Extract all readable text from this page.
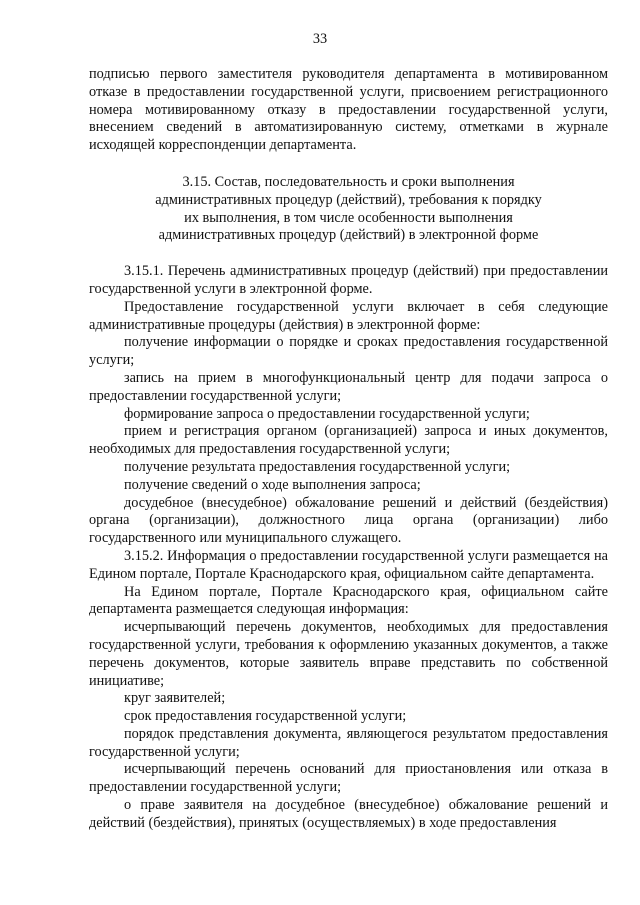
33

подписью первого заместителя руководителя департамента в мотивированном отказе в предоставлении государственной услуги, присвоением регистрационного номера мотивированному отказу в предоставлении государственной услуги, внесением сведений в автоматизированную систему, отметками в журнале исходящей корреспонденции департамента.

3.15. Состав, последовательность и сроки выполнения
административных процедур (действий), требования к порядку
их выполнения, в том числе особенности выполнения
административных процедур (действий) в электронной форме

3.15.1. Перечень административных процедур (действий) при предоставлении государственной услуги в электронной форме.

Предоставление государственной услуги включает в себя следующие административные процедуры (действия) в электронной форме:

получение информации о порядке и сроках предоставления государственной услуги;

запись на прием в многофункциональный центр для подачи запроса о предоставлении государственной услуги;

формирование запроса о предоставлении государственной услуги;

прием и регистрация органом (организацией) запроса и иных документов, необходимых для предоставления государственной услуги;

получение результата предоставления государственной услуги;

получение сведений о ходе выполнения запроса;

досудебное (внесудебное) обжалование решений и действий (бездействия) органа (организации), должностного лица органа (организации) либо государственного или муниципального служащего.

3.15.2. Информация о предоставлении государственной услуги размещается на Едином портале, Портале Краснодарского края, официальном сайте департамента.

На Едином портале, Портале Краснодарского края, официальном сайте департамента размещается следующая информация:

исчерпывающий перечень документов, необходимых для предоставления государственной услуги, требования к оформлению указанных документов, а также перечень документов, которые заявитель вправе представить по собственной инициативе;

круг заявителей;

срок предоставления государственной услуги;

порядок представления документа, являющегося результатом предоставления государственной услуги;

исчерпывающий перечень оснований для приостановления или отказа в предоставлении государственной услуги;

о праве заявителя на досудебное (внесудебное) обжалование решений и действий (бездействия), принятых (осуществляемых) в ходе предоставления
